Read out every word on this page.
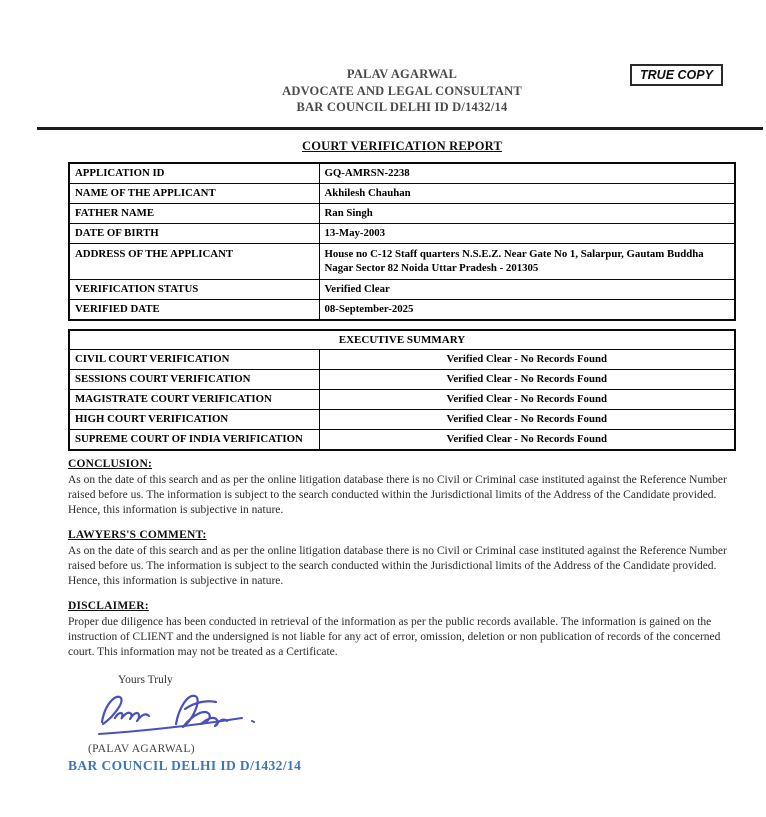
TRUE COPY
PALAV AGARWAL
ADVOCATE AND LEGAL CONSULTANT
BAR COUNCIL DELHI ID D/1432/14
COURT VERIFICATION REPORT
APPLICATION ID	GQ-AMRSN-2238
NAME OF THE APPLICANT	Akhilesh Chauhan
FATHER NAME	Ran Singh
DATE OF BIRTH	13-May-2003
ADDRESS OF THE APPLICANT	House no C-12 Staff quarters N.S.E.Z. Near Gate No 1, Salarpur, Gautam Buddha Nagar Sector 82 Noida Uttar Pradesh - 201305
VERIFICATION STATUS	Verified Clear
VERIFIED DATE	08-September-2025
EXECUTIVE SUMMARY	
CIVIL COURT VERIFICATION	Verified Clear - No Records Found
SESSIONS COURT VERIFICATION	Verified Clear - No Records Found
MAGISTRATE COURT VERIFICATION	Verified Clear - No Records Found
HIGH COURT VERIFICATION	Verified Clear - No Records Found
SUPREME COURT OF INDIA VERIFICATION	Verified Clear - No Records Found
CONCLUSION:
As on the date of this search and as per the online litigation database there is no Civil or Criminal case instituted against the Reference Number raised before us. The information is subject to the search conducted within the Jurisdictional limits of the Address of the Candidate provided. Hence, this information is subjective in nature.
LAWYERS'S COMMENT:
As on the date of this search and as per the online litigation database there is no Civil or Criminal case instituted against the Reference Number raised before us. The information is subject to the search conducted within the Jurisdictional limits of the Address of the Candidate provided. Hence, this information is subjective in nature.
DISCLAIMER:
Proper due diligence has been conducted in retrieval of the information as per the public records available. The information is gained on the instruction of CLIENT and the undersigned is not liable for any act of error, omission, deletion or non publication of records of the concerned court. This information may not be treated as a Certificate.
Yours Truly
(PALAV AGARWAL)
BAR COUNCIL DELHI ID D/1432/14
